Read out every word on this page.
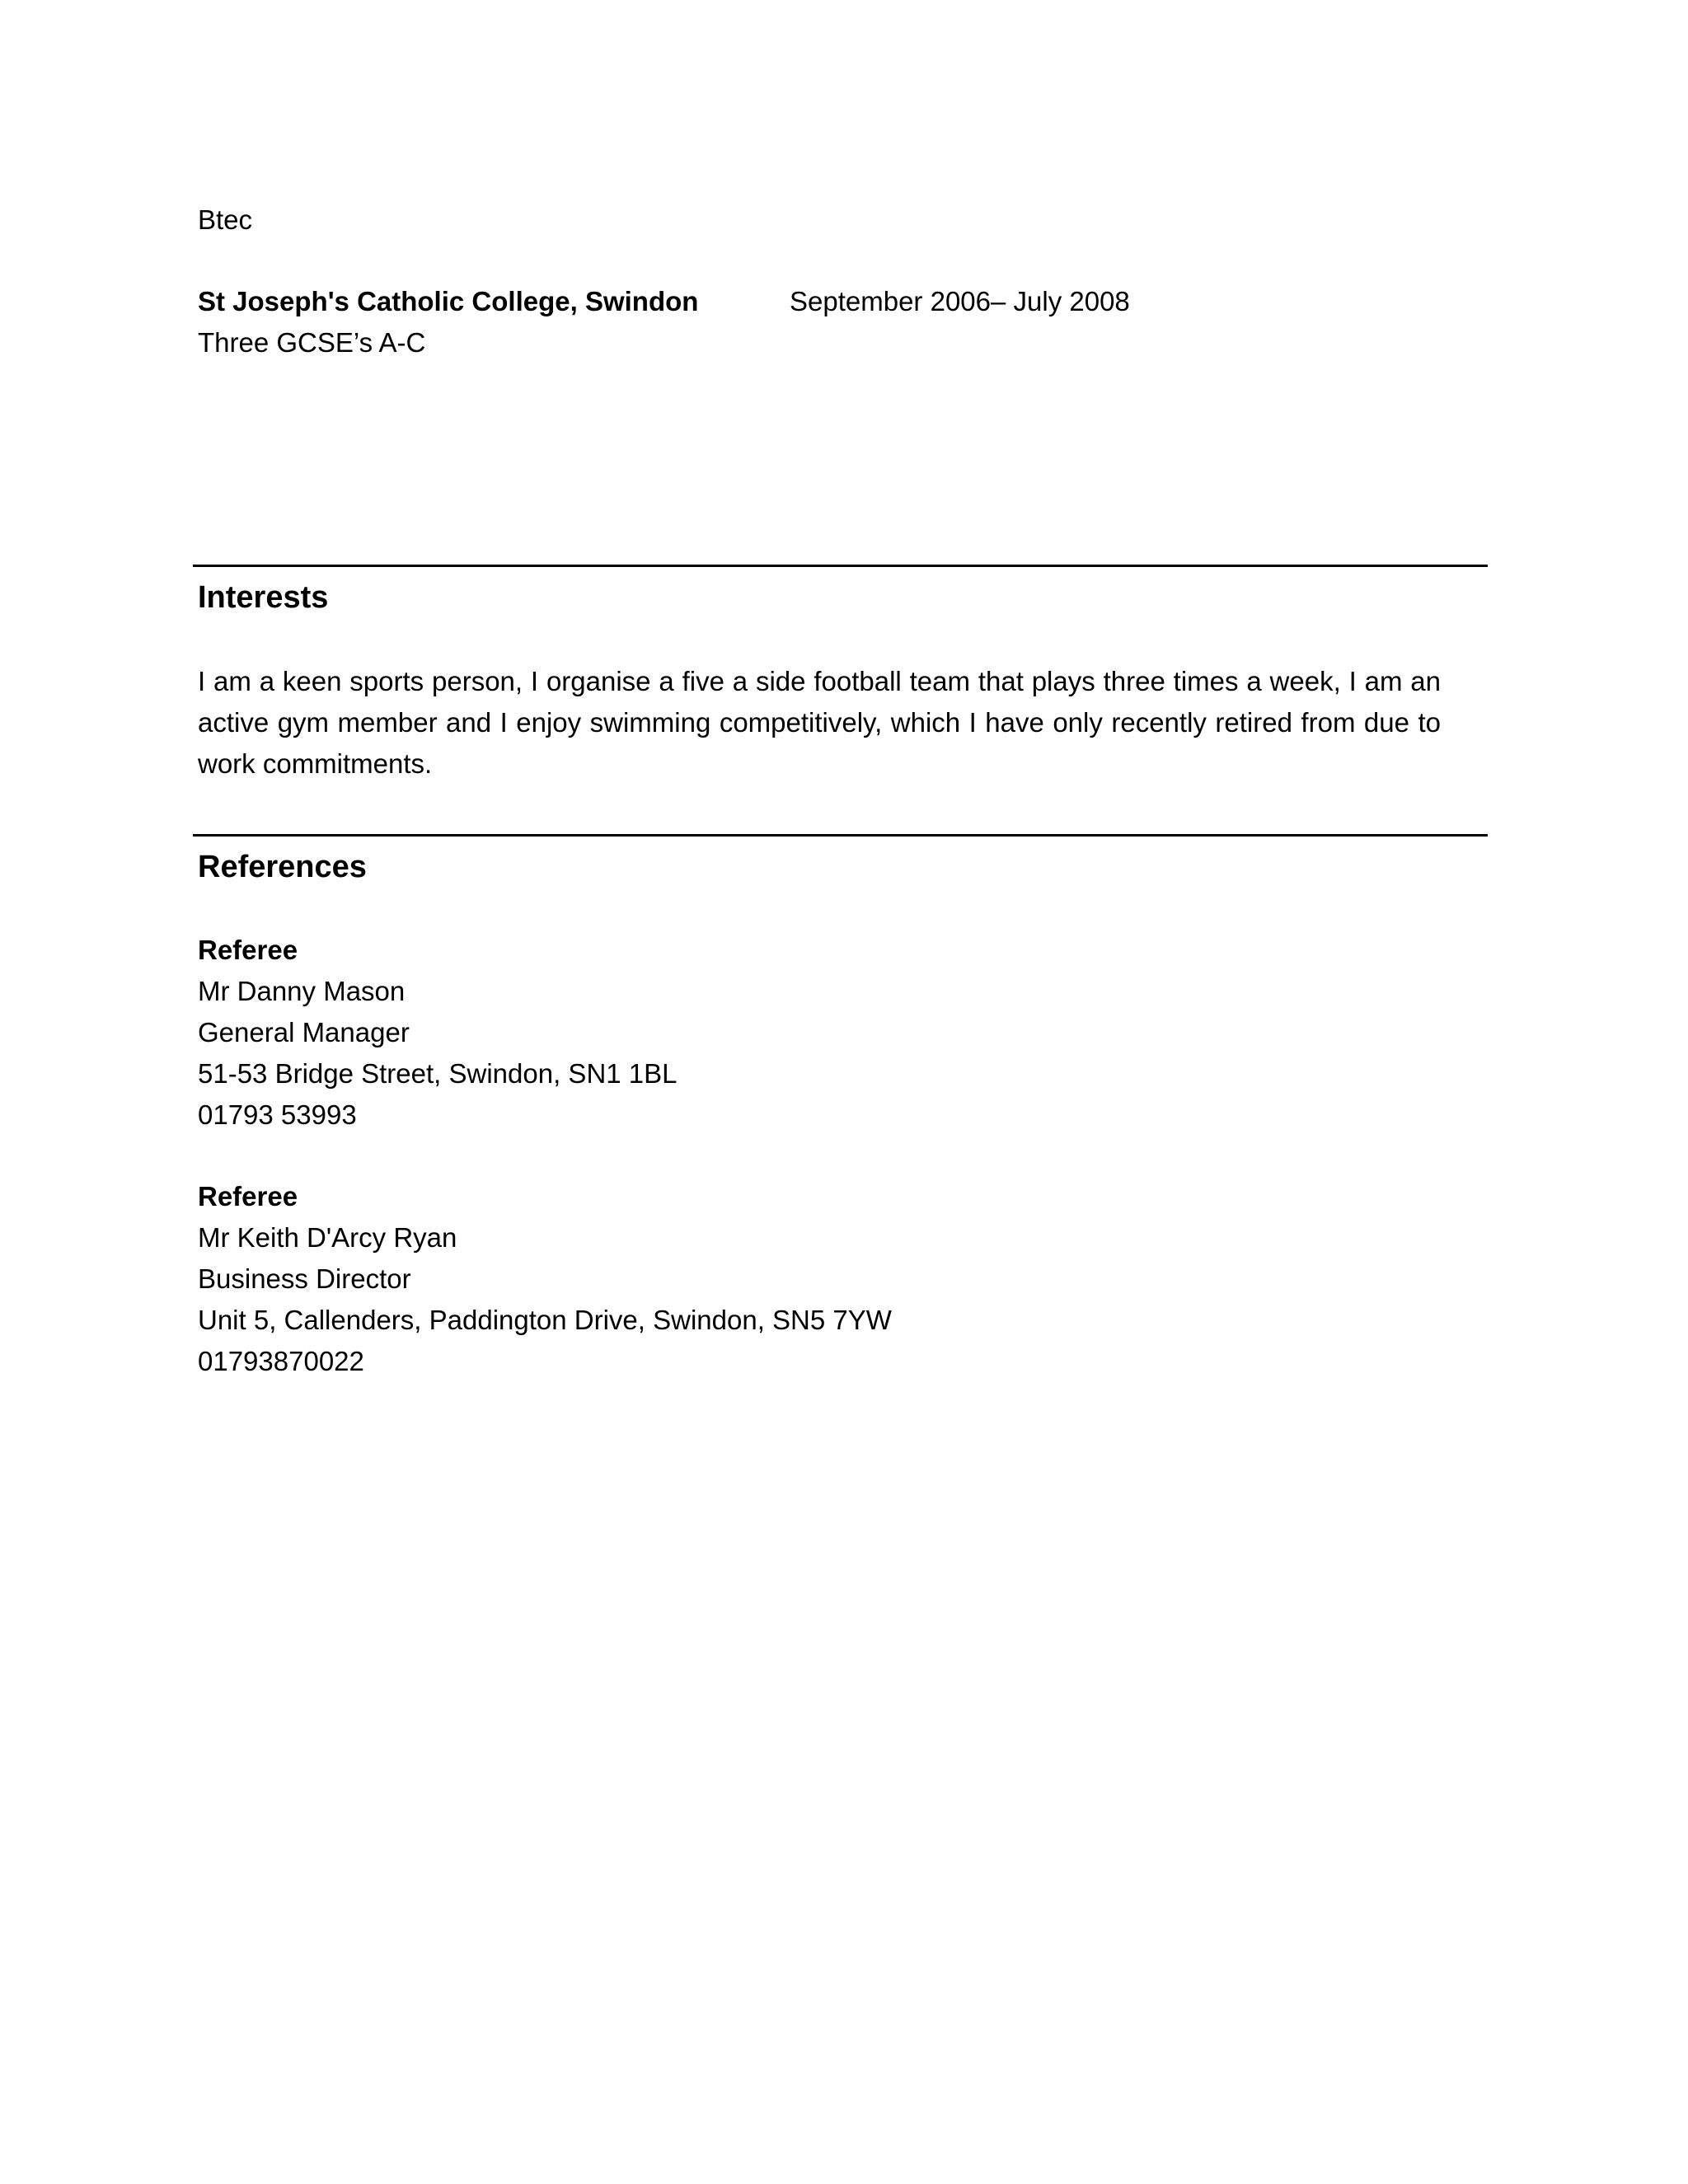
Btec

St Joseph's Catholic College, Swindon	September 2006– July 2008

Three GCSE’s A-C

Interests

I am a keen sports person, I organise a five a side football team that plays three times a week, I am an active gym member and I enjoy swimming competitively, which I have only recently retired from due to work commitments.

References

Referee

Mr Danny Mason

General Manager

51-53 Bridge Street, Swindon, SN1 1BL

01793 53993

Referee

Mr Keith D'Arcy Ryan

Business Director

Unit 5, Callenders, Paddington Drive, Swindon, SN5 7YW

01793870022
